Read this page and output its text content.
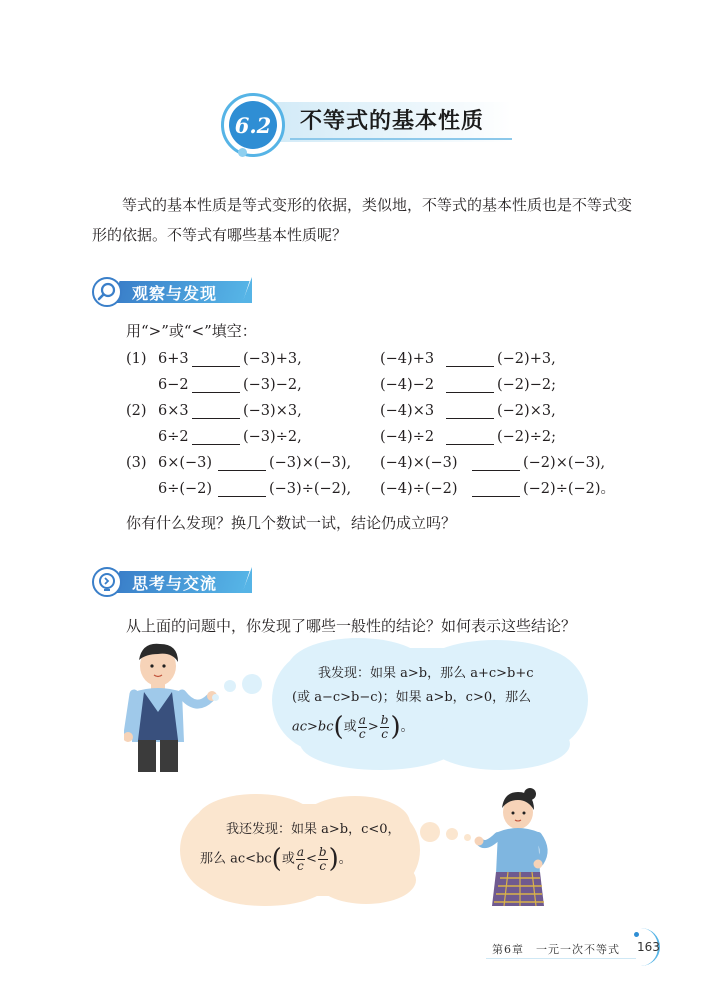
6.2 不等式的基本性质
等式的基本性质是等式变形的依据，类似地，不等式的基本性质也是不等式变形的依据。不等式有哪些基本性质呢？
观察与发现
用“>”或“<”填空：
(1) 6+3	(−3)+3,	(−4)+3	(−2)+3,
6−2	(−3)−2,	(−4)−2	(−2)−2;
(2) 6×3	(−3)×3,	(−4)×3	(−2)×3,
6÷2	(−3)÷2,	(−4)÷2	(−2)÷2;
(3) 6×(−3)	(−3)×(−3), (−4)×(−3)	(−2)×(−3),
6÷(−2)	(−3)÷(−2), (−4)÷(−2)	(−2)÷(−2)。
你有什么发现？换几个数试一试，结论仍成立吗？
思考与交流
从上面的问题中，你发现了哪些一般性的结论？如何表示这些结论？
我发现：如果 a>b，那么 a+c>b+c
(或 a−c>b−c)；如果 a>b，c>0，那么
ac>bc(或 $\frac{a}{c} > \frac{b}{c}$ )。
我还发现：如果 a>b，c<0，
那么 ac<bc(或 $\frac{a}{c} < \frac{b}{c}$ )。
第6章　一元一次不等式 163
